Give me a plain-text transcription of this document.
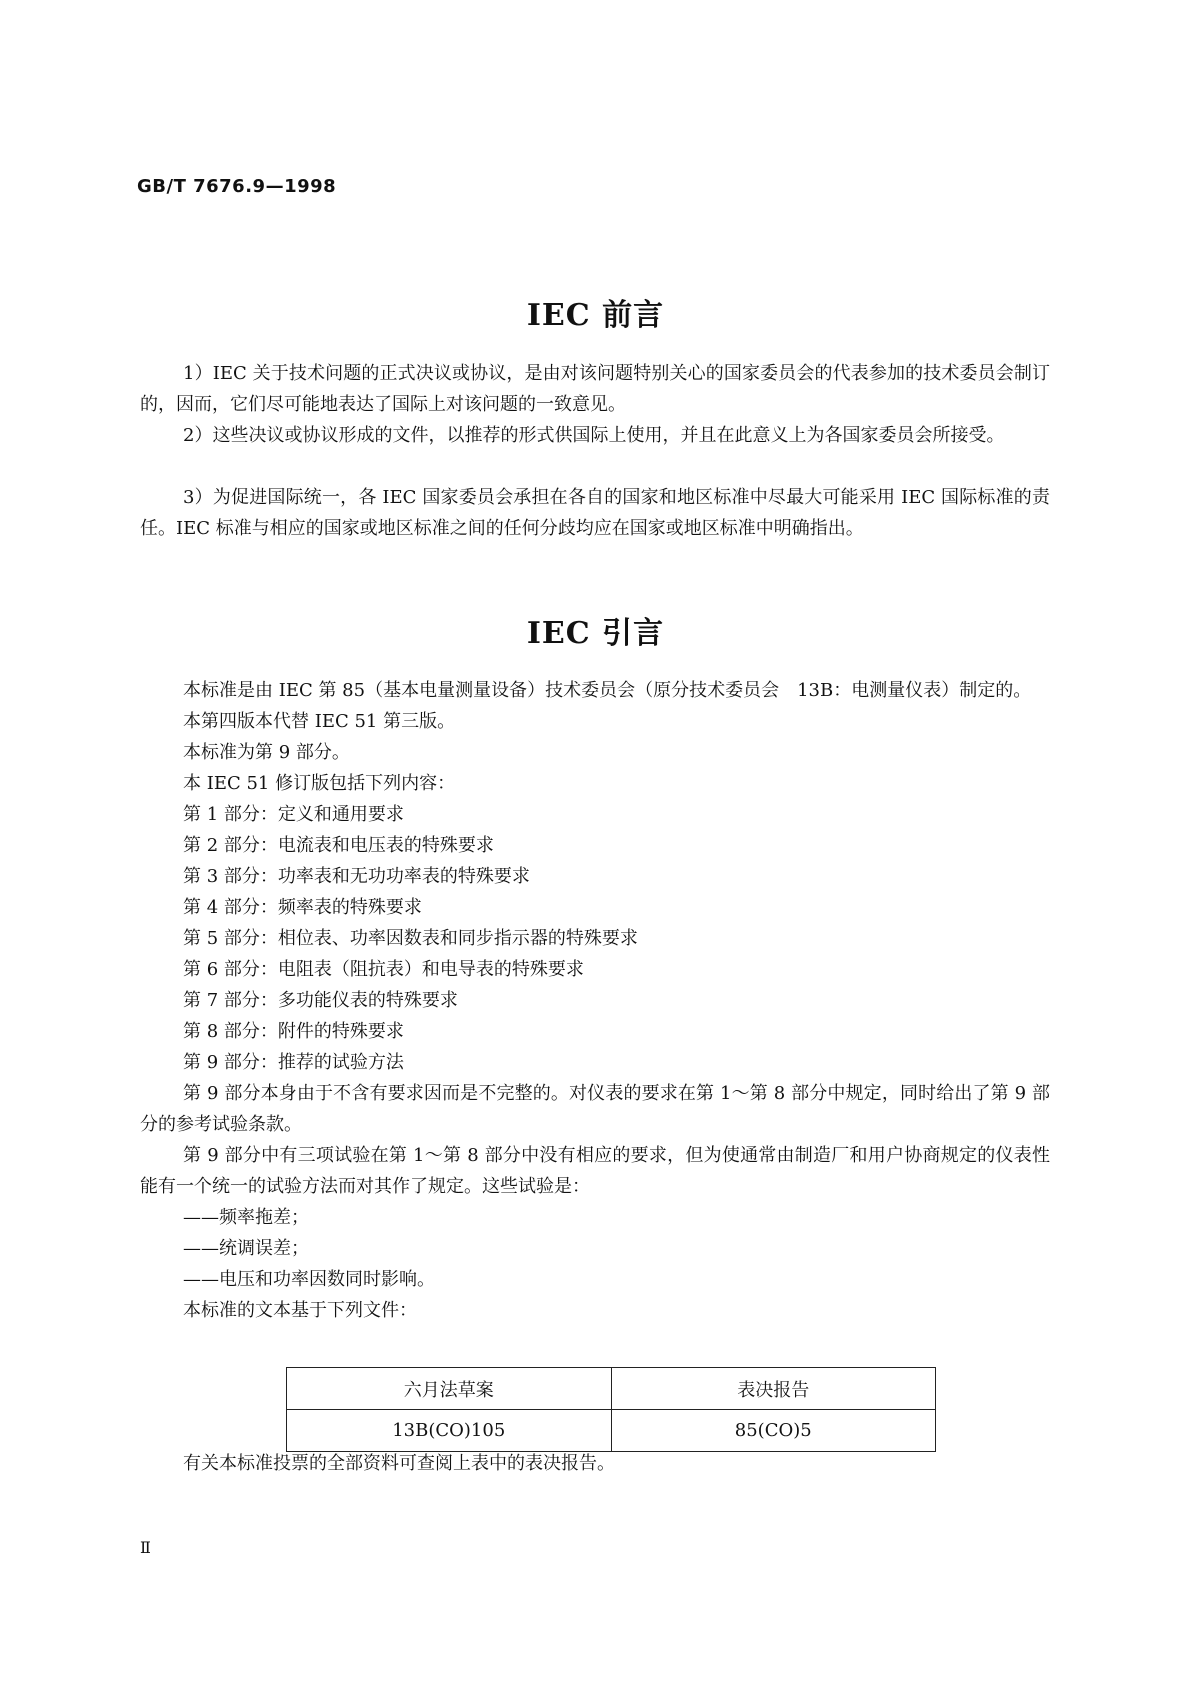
GB/T 7676.9—1998
IEC 前言

1）IEC 关于技术问题的正式决议或协议，是由对该问题特别关心的国家委员会的代表参加的技术委员会制订的，因而，它们尽可能地表达了国际上对该问题的一致意见。

2）这些决议或协议形成的文件，以推荐的形式供国际上使用，并且在此意义上为各国家委员会所接受。

3）为促进国际统一，各 IEC 国家委员会承担在各自的国家和地区标准中尽最大可能采用 IEC 国际标准的责任。IEC 标准与相应的国家或地区标准之间的任何分歧均应在国家或地区标准中明确指出。

IEC 引言

本标准是由 IEC 第 85（基本电量测量设备）技术委员会（原分技术委员会　13B：电测量仪表）制定的。

本第四版本代替 IEC 51 第三版。

本标准为第 9 部分。

本 IEC 51 修订版包括下列内容：

第 1 部分：定义和通用要求

第 2 部分：电流表和电压表的特殊要求

第 3 部分：功率表和无功功率表的特殊要求

第 4 部分：频率表的特殊要求

第 5 部分：相位表、功率因数表和同步指示器的特殊要求

第 6 部分：电阻表（阻抗表）和电导表的特殊要求

第 7 部分：多功能仪表的特殊要求

第 8 部分：附件的特殊要求

第 9 部分：推荐的试验方法

第 9 部分本身由于不含有要求因而是不完整的。对仪表的要求在第 1～第 8 部分中规定，同时给出了第 9 部分的参考试验条款。

第 9 部分中有三项试验在第 1～第 8 部分中没有相应的要求，但为使通常由制造厂和用户协商规定的仪表性能有一个统一的试验方法而对其作了规定。这些试验是：

——频率拖差；

——统调误差；

——电压和功率因数同时影响。

本标准的文本基于下列文件：

六月法草案	表决报告
13B(CO)105	85(CO)5

有关本标准投票的全部资料可查阅上表中的表决报告。

Ⅱ
